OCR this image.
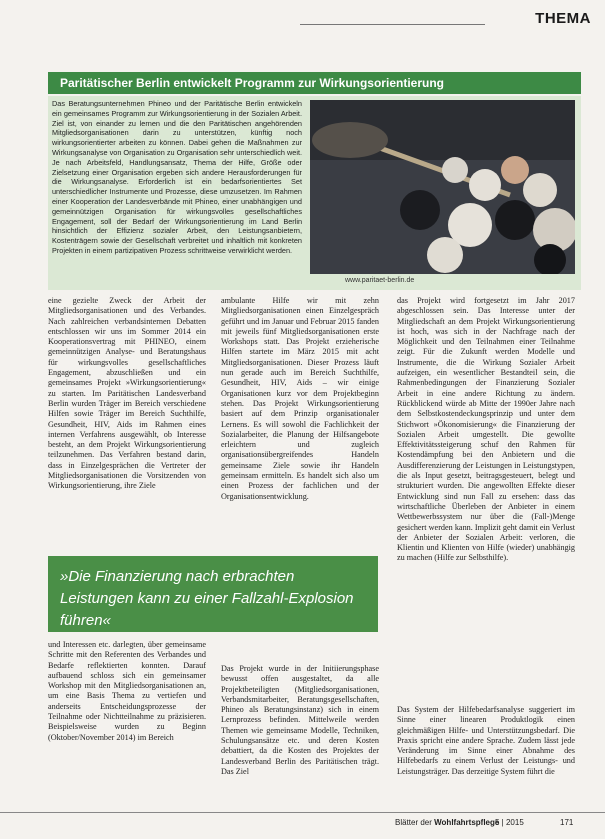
THEMA
Paritätischer Berlin entwickelt Programm zur Wirkungsorientierung
Das Beratungsunternehmen Phineo und der Paritätische Berlin entwickeln ein gemeinsames Programm zur Wirkungsorientierung in der Sozialen Arbeit. Ziel ist, von einander zu lernen und die den Paritätischen angehörenden Mitgliedsorganisationen darin zu unterstützen, künftig noch wirkungsorientierter arbeiten zu können. Dabei gehen die Maßnahmen zur Wirkungsanalyse von Organisation zu Organisation sehr unterschiedlich weit. Je nach Arbeitsfeld, Handlungsansatz, Thema der Hilfe, Größe oder Zielsetzung einer Organisation ergeben sich andere Herausforderungen für die Wirkungsanalyse. Erforderlich ist ein bedarfsorientiertes Set unterschiedlicher Instrumente und Prozesse, diese umzusetzen. Im Rahmen einer Kooperation der Landesverbände mit Phineo, einer unabhängigen und gemeinnützigen Organisation für wirkungsvolles gesellschaftliches Engagement, soll der Bedarf der Wirkungsorientierung im Land Berlin hinsichtlich der Effizienz sozialer Arbeit, den Leistungsanbietern, Kostenträgern sowie der Gesellschaft verbreitet und inhaltlich mit konkreten Projekten in einem partizipativen Prozess schrittweise verwirklicht werden.
www.paritaet-berlin.de
eine gezielte Zweck der Arbeit der Mitgliedsorganisationen und des Verbandes. Nach zahlreichen verbandsinternen Debatten entschlossen wir uns im Sommer 2014 ein Kooperationsvertrag mit PHINEO, einem gemeinnützigen Analyse- und Beratungshaus für wirkungsvolles gesellschaftliches Engagement, abzuschließen und ein gemeinsames Projekt »Wirkungsorientierung« zu starten. Im Paritätischen Landesverband Berlin wurden Träger im Bereich verschiedene Hilfen sowie Träger im Bereich Suchthilfe, Gesundheit, HIV, Aids im Rahmen eines internen Verfahrens ausgewählt, ob Interesse besteht, an dem Projekt Wirkungsorientierung teilzunehmen. Das Verfahren bestand darin, dass in Einzelgesprächen die Vertreter der Mitgliedsorganisationen die Vorsitzenden von Wirkungsorientierung, ihre Ziele
ambulante Hilfe wir mit zehn Mitgliedsorganisationen einen Einzelgespräch geführt und im Januar und Februar 2015 fanden mit jeweils fünf Mitgliedsorganisationen erste Workshops statt. Das Projekt erzieherische Hilfen startete im März 2015 mit acht Mitgliedsorganisationen. Dieser Prozess läuft nun gerade auch im Bereich Suchthilfe, Gesundheit, HIV, Aids – wir einige Organisationen kurz vor dem Projektbeginn stehen. Das Projekt Wirkungsorientierung basiert auf dem Prinzip organisationaler Lernens. Es will sowohl die Fachlichkeit der Sozialarbeiter, die Planung der Hilfsangebote erleichtern und zugleich organisationsübergreifendes Handeln gemeinsame Ziele sowie ihr Handeln gemeinsam ermitteln. Es handelt sich also um einen Prozess der fachlichen und der Organisationsentwicklung.
das Projekt wird fortgesetzt im Jahr 2017 abgeschlossen sein. Das Interesse unter der Mitgliedschaft an dem Projekt Wirkungsorientierung ist hoch, was sich in der Nachfrage nach der Möglichkeit und den Teilnahmen einer Teilnahme zeigt. Für die Zukunft werden Modelle und Instrumente, die die Wirkung Sozialer Arbeit aufzeigen, ein wesentlicher Bestandteil sein, die Rahmenbedingungen der Finanzierung Sozialer Arbeit in eine andere Richtung zu ändern. Rückblickend würde ab Mitte der 1990er Jahre nach dem Selbstkostendeckungsprinzip und unter dem Stichwort »Ökonomisierung« die Finanzierung der Sozialen Arbeit umgestellt. Die gewollte Effektivitätssteigerung schuf den Rahmen für Kostendämpfung bei den Anbietern und die Ausdifferenzierung der Leistungen in Leistungstypen, die als Input gesetzt, beitragsgesteuert, belegt und strukturiert wurden. Die angewollten Effekte dieser Entwicklung sind nun Fall zu ersehen: dass das wirtschaftliche Überleben der Anbieter in einem Wettbewerbssystem nur über die (Fall-)Menge gesichert werden kann. Implizit geht damit ein Verlust der Anbieter der Sozialen Arbeit: verloren, die Klientin und Klienten von Hilfe (wieder) unabhängig zu machen (Hilfe zur Selbsthilfe).
»Die Finanzierung nach erbrachten Leistungen kann zu einer Fallzahl-Explosion führen«
und Interessen etc. darlegten, über gemeinsame Schritte mit den Referenten des Verbandes und Bedarfe reflektierten konnten. Darauf aufbauend schloss sich ein gemeinsamer Workshop mit den Mitgliedsorganisationen an, um eine Basis Thema zu vertiefen und anderseits Entscheidungsprozesse der Teilnahme oder Nichtteilnahme zu präzisieren. Beispielsweise wurden zu Beginn (Oktober/November 2014) im Bereich
Das Projekt wurde in der Initiierungsphase bewusst offen ausgestaltet, da alle Projektbeteiligten (Mitgliedsorganisationen, Verbandsmitarbeiter, Beratungsgesellschaften, Phineo als Beratungsinstanz) sich in einem Lernprozess befinden. Mittelweile werden Themen wie gemeinsame Modelle, Techniken, Schulungsansätze etc. und deren Kosten debattiert, da die Kosten des Projektes der Landesverband Berlin des Paritätischen trägt. Das Ziel
Das System der Hilfebedarfsanalyse suggeriert im Sinne einer linearen Produktlogik einen gleichmäßigen Hilfe- und Unterstützungsbedarf. Die Praxis spricht eine andere Sprache. Zudem lässt jede Veränderung im Sinne einer Abnahme des Hilfebedarfs zu einem Verlust der Leistungs- und Leistungsträger. Das derzeitige System führt die
Blätter der Wohlfahrtspflege
5 | 2015	171
